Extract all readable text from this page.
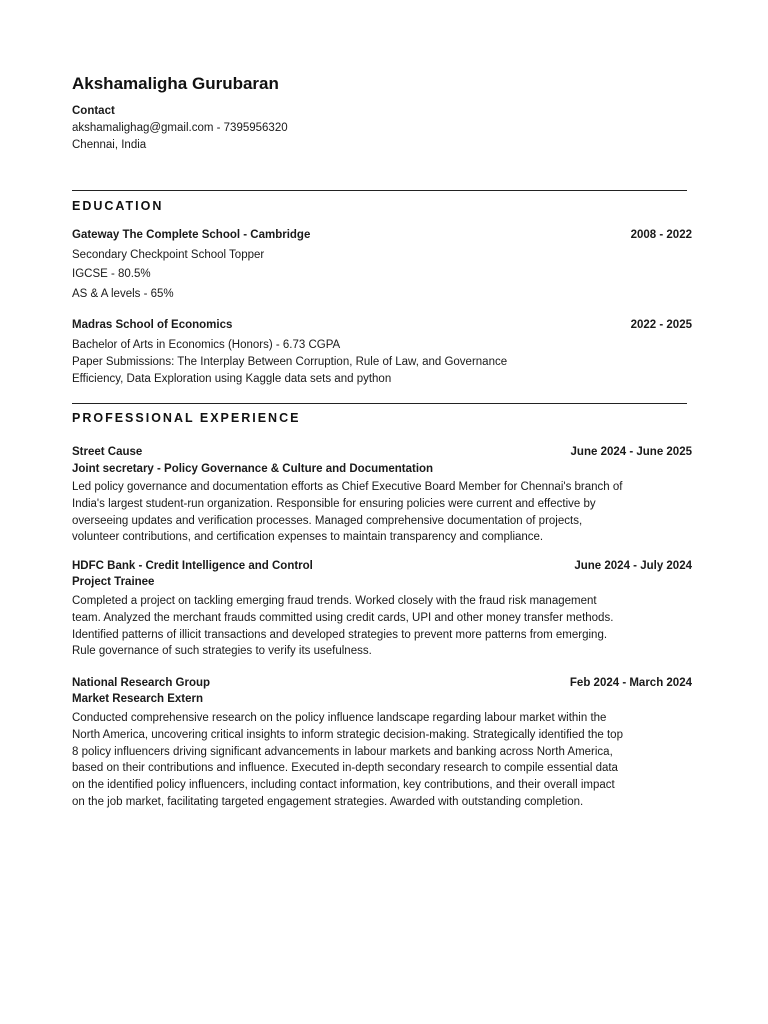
Akshamaligha Gurubaran
Contact
akshamalighag@gmail.com - 7395956320
Chennai, India
EDUCATION
Gateway The Complete School - Cambridge	2008 - 2022
Secondary Checkpoint School Topper
IGCSE - 80.5%
AS & A levels - 65%
Madras School of Economics	2022 - 2025
Bachelor of Arts in Economics (Honors) - 6.73 CGPA
Paper Submissions: The Interplay Between Corruption, Rule of Law, and Governance
Efficiency, Data Exploration using Kaggle data sets and python
PROFESSIONAL EXPERIENCE
Street Cause	June 2024 - June 2025
Joint secretary - Policy Governance & Culture and Documentation
Led policy governance and documentation efforts as Chief Executive Board Member for Chennai's branch of
India's largest student-run organization. Responsible for ensuring policies were current and effective by
overseeing updates and verification processes. Managed comprehensive documentation of projects,
volunteer contributions, and certification expenses to maintain transparency and compliance.
HDFC Bank - Credit Intelligence and Control	June 2024 - July 2024
Project Trainee
Completed a project on tackling emerging fraud trends. Worked closely with the fraud risk management
team. Analyzed the merchant frauds committed using credit cards, UPI and other money transfer methods.
Identified patterns of illicit transactions and developed strategies to prevent more patterns from emerging.
Rule governance of such strategies to verify its usefulness.
National Research Group	Feb 2024 - March 2024
Market Research Extern
Conducted comprehensive research on the policy influence landscape regarding labour market within the
North America, uncovering critical insights to inform strategic decision-making. Strategically identified the top
8 policy influencers driving significant advancements in labour markets and banking across North America,
based on their contributions and influence. Executed in-depth secondary research to compile essential data
on the identified policy influencers, including contact information, key contributions, and their overall impact
on the job market, facilitating targeted engagement strategies. Awarded with outstanding completion.
